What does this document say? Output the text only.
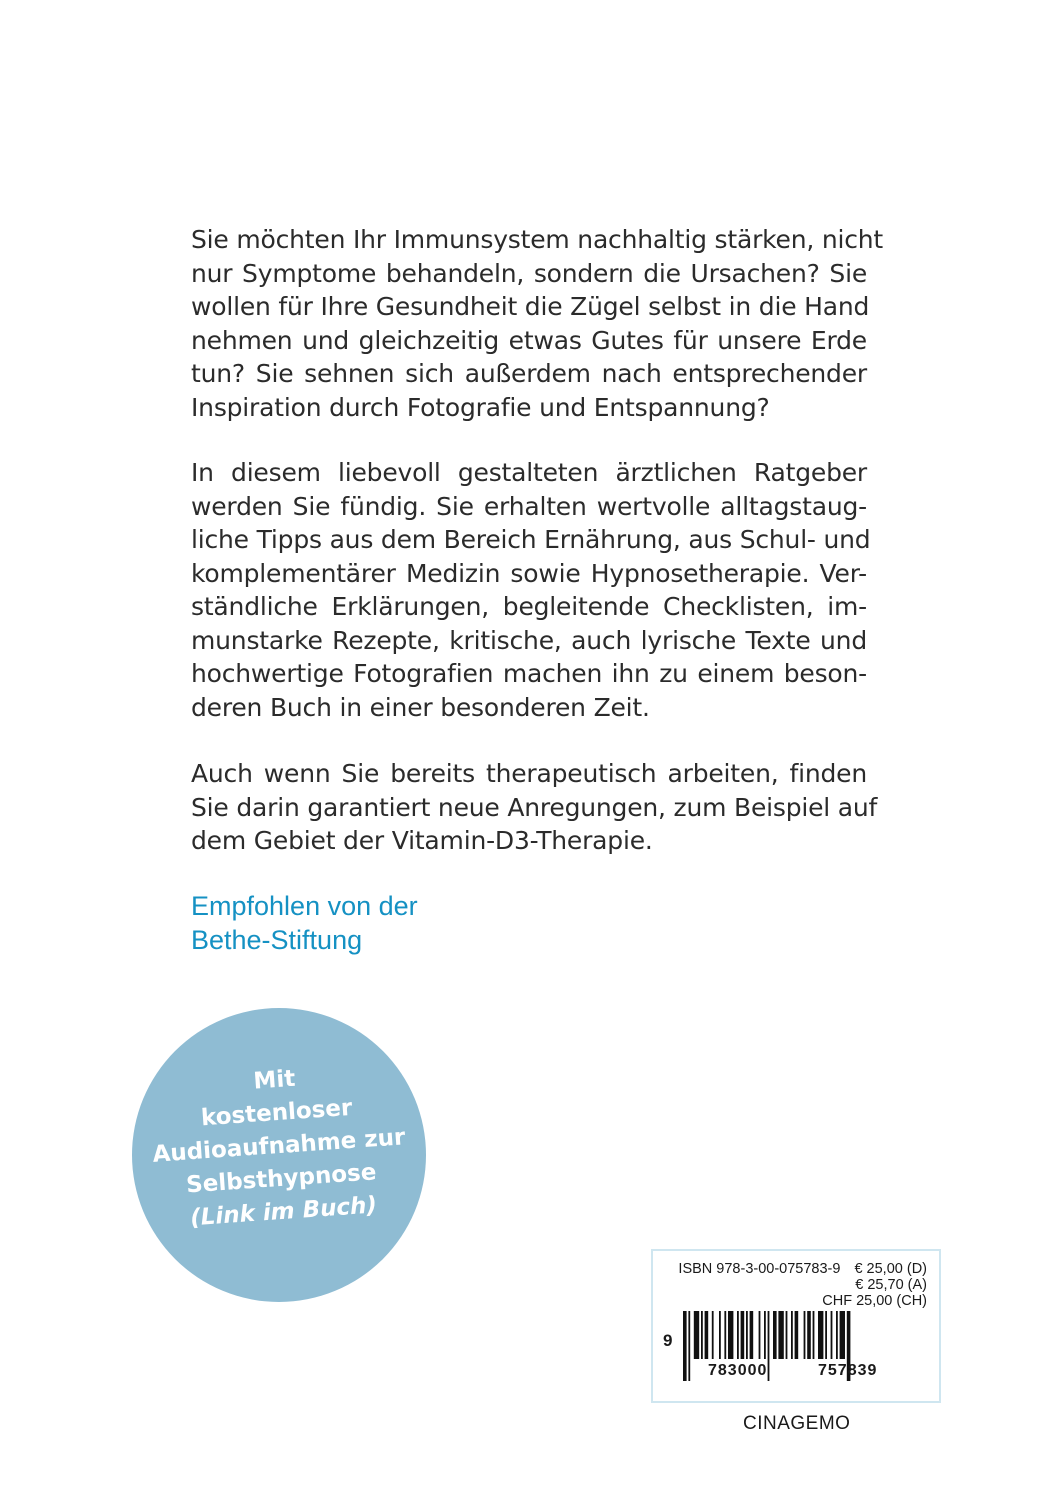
Sie möchten Ihr Immunsystem nachhaltig stärken, nicht
nur Symptome behandeln, sondern die Ursachen? Sie
wollen für Ihre Gesundheit die Zügel selbst in die Hand
nehmen und gleichzeitig etwas Gutes für unsere Erde
tun? Sie sehnen sich außerdem nach entsprechender
Inspiration durch Fotografie und Entspannung?
In diesem liebevoll gestalteten ärztlichen Ratgeber
werden Sie fündig. Sie erhalten wertvolle alltagstaug-
liche Tipps aus dem Bereich Ernährung, aus Schul- und
komplementärer Medizin sowie Hypnosetherapie. Ver-
ständliche Erklärungen, begleitende Checklisten, im-
munstarke Rezepte, kritische, auch lyrische Texte und
hochwertige Fotografien machen ihn zu einem beson-
deren Buch in einer besonderen Zeit.
Auch wenn Sie bereits therapeutisch arbeiten, finden
Sie darin garantiert neue Anregungen, zum Beispiel auf
dem Gebiet der Vitamin-D3-Therapie.
Empfohlen von der
Bethe-Stiftung
Mit
kostenloser
Audioaufnahme zur
Selbsthypnose
(Link im Buch)
ISBN 978-3-00-075783-9 € 25,00 (D)
€ 25,70 (A)
CHF 25,00 (CH)
9
783000	757839
CINAGEMO
